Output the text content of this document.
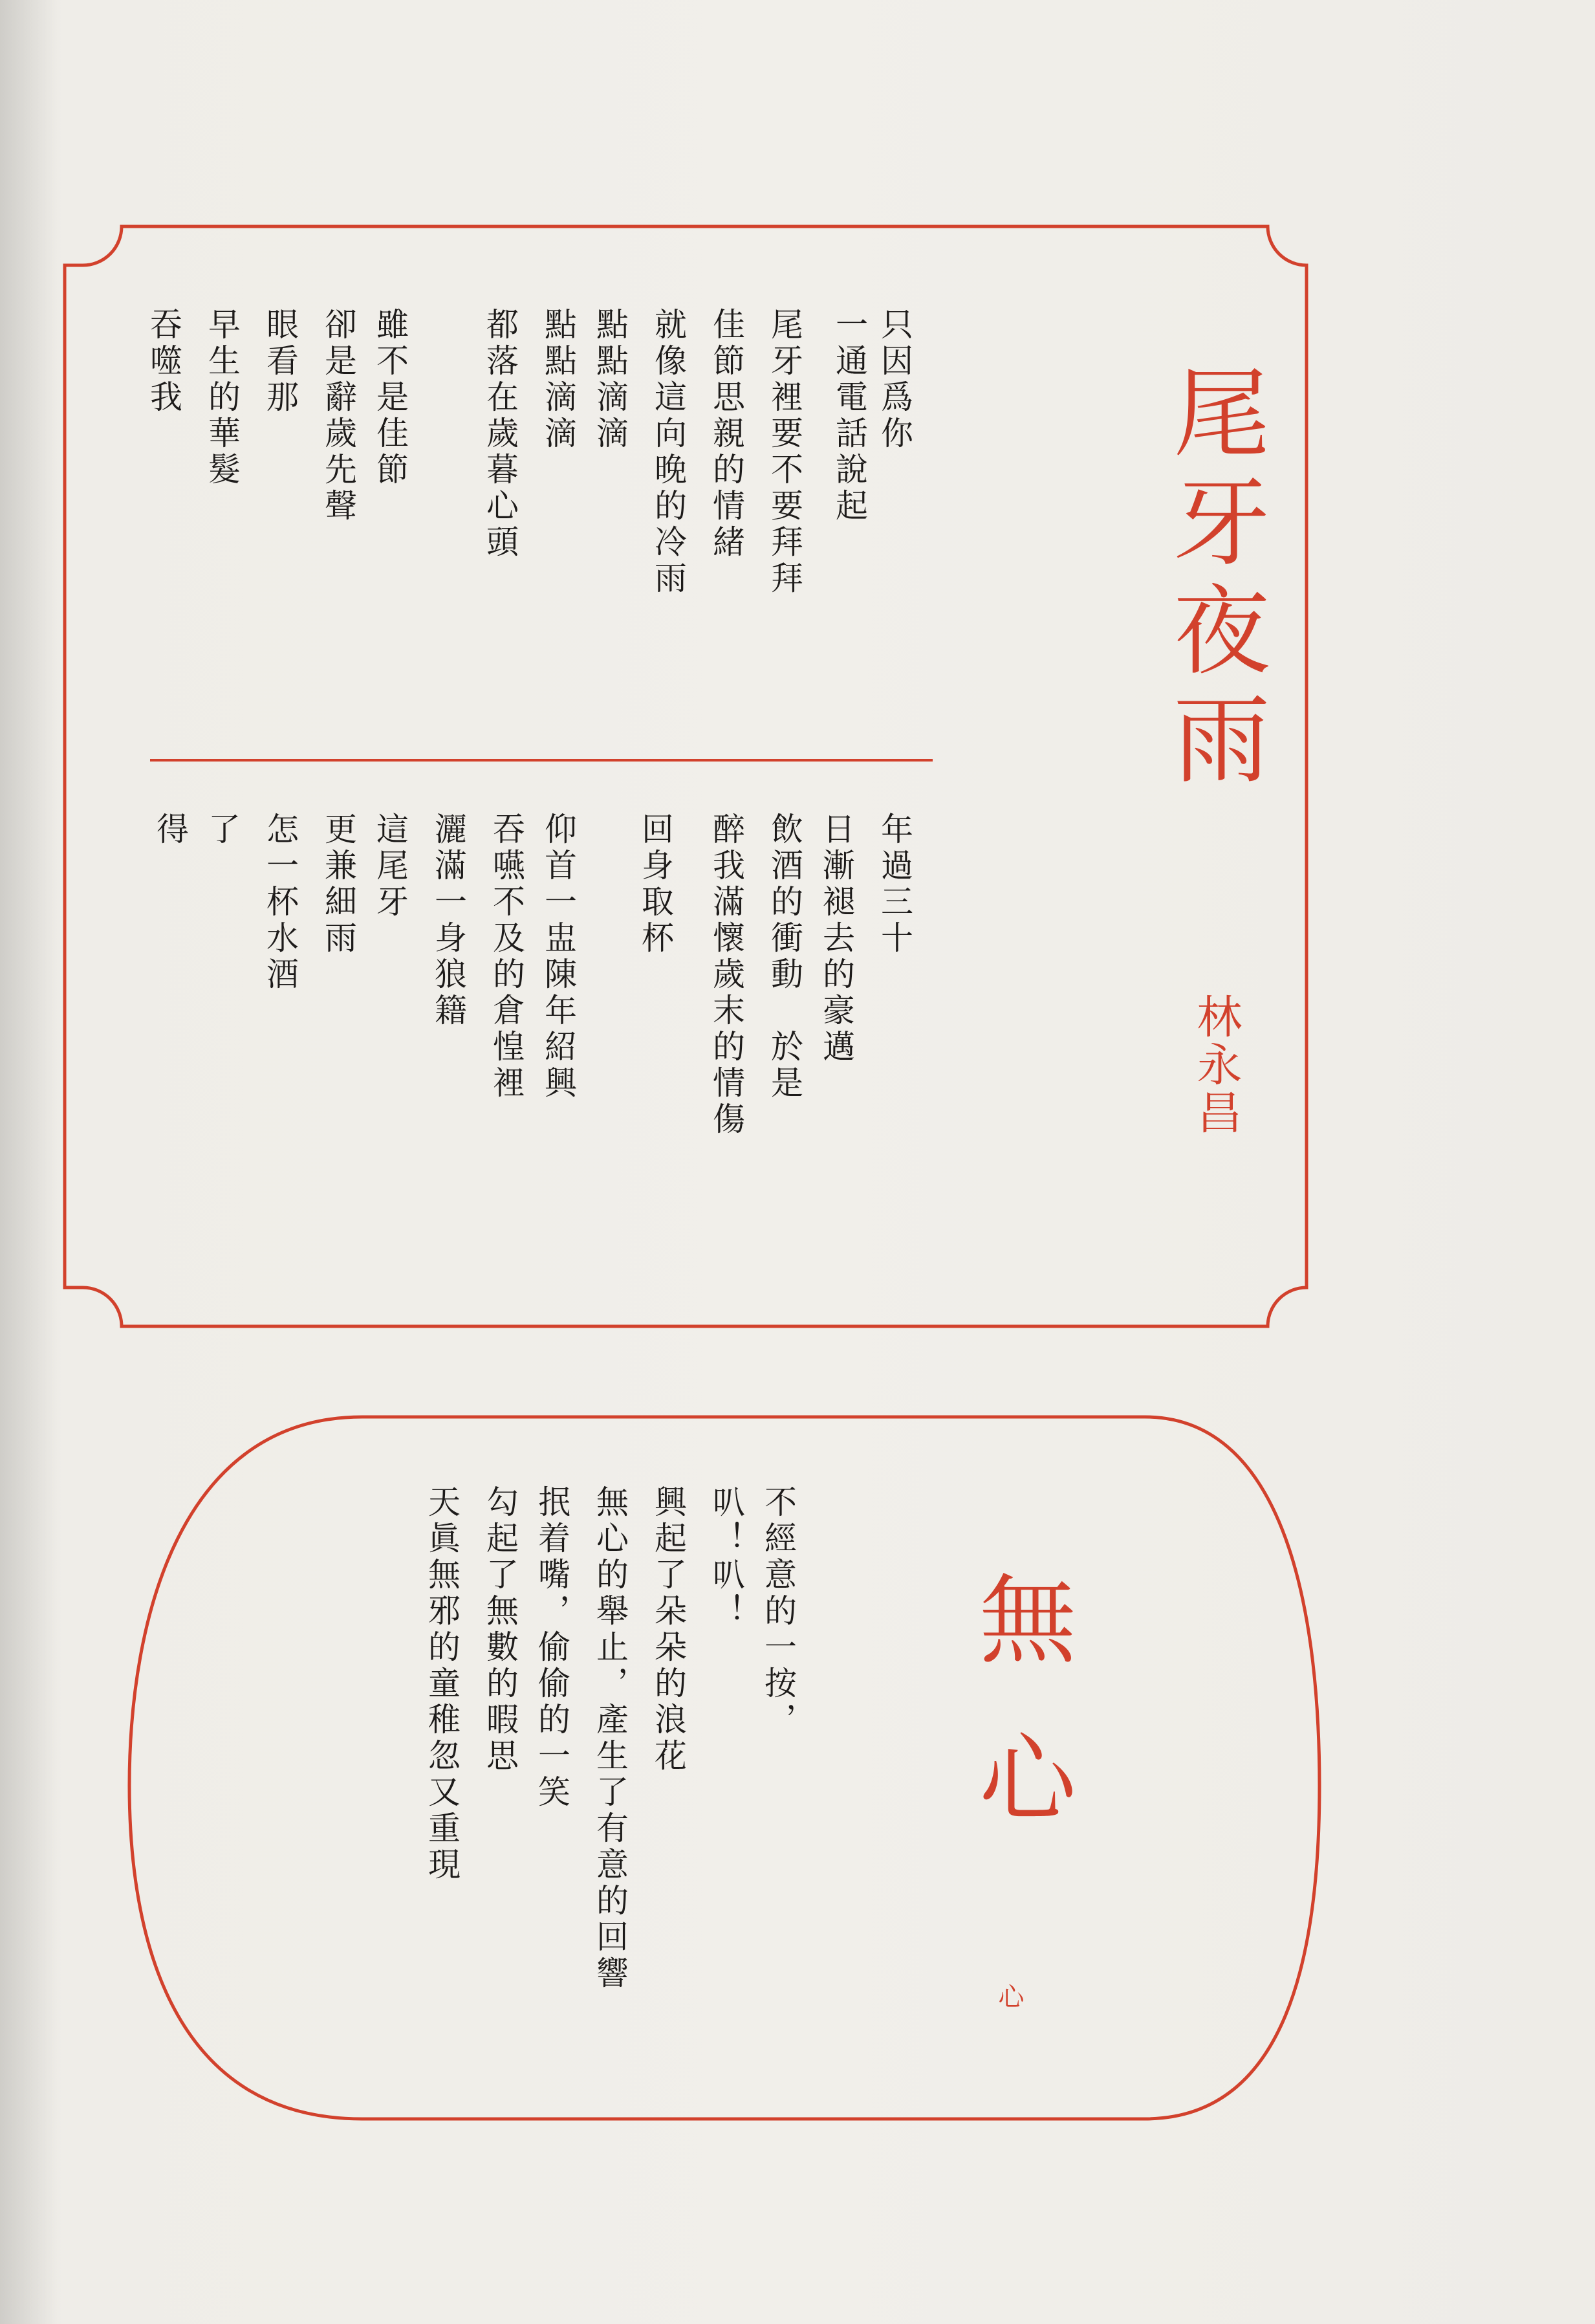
尾牙夜雨
林永昌
只因爲你
一通電話說起
尾牙裡要不要拜拜
佳節思親的情緒
就像這向晚的冷雨
點點滴滴
點點滴滴
都落在歲暮心頭
雖不是佳節
卻是辭歲先聲
眼看那
早生的華髮
吞噬我
年過三十
日漸褪去的豪邁
飲酒的衝動　於是
醉我滿懷歲末的情傷
回身取杯
仰首一盅陳年紹興
吞嚥不及的倉惶裡
灑滿一身狼籍
這尾牙
更兼細雨
怎一杯水酒
了
得
無心
心
不經意的一按，
叭！叭！
興起了朵朵的浪花
無心的舉止，產生了有意的回響
抿着嘴，偷偷的一笑
勾起了無數的暇思
天眞無邪的童稚忽又重現
